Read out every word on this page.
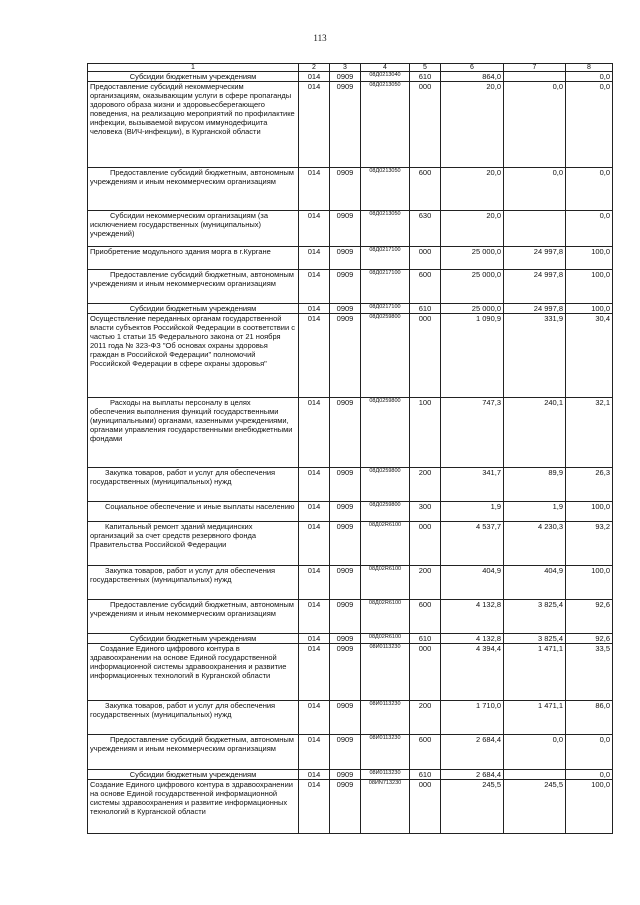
113
1	2	3	4	5	6	7	8
Субсидии бюджетным учреждениям	014	0909	08Д0213040	610	864,0		0,0
Предоставление субсидий некоммерческим организациям, оказывающим услуги в сфере пропаганды здорового образа жизни и здоровьесберегающего поведения, на реализацию мероприятий по профилактике инфекции, вызываемой вирусом иммунодефицита человека (ВИЧ-инфекции), в Курганской области	014	0909	08Д0213050	000	20,0	0,0	0,0
Предоставление субсидий бюджетным, автономным учреждениям и иным некоммерческим организациям	014	0909	08Д0213050	600	20,0	0,0	0,0
Субсидии некоммерческим организациям (за исключением государственных (муниципальных) учреждений)	014	0909	08Д0213050	630	20,0		0,0
Приобретение модульного здания морга в г.Кургане	014	0909	08Д0217100	000	25 000,0	24 997,8	100,0
Предоставление субсидий бюджетным, автономным учреждениям и иным некоммерческим организациям	014	0909	08Д0217100	600	25 000,0	24 997,8	100,0
Субсидии бюджетным учреждениям	014	0909	08Д0217100	610	25 000,0	24 997,8	100,0
Осуществление переданных органам государственной власти субъектов Российской Федерации в соответствии с частью 1 статьи 15 Федерального закона от 21 ноября 2011 года № 323-ФЗ "Об основах охраны здоровья граждан в Российской Федерации" полномочий Российской Федерации в сфере охраны здоровья"	014	0909	08Д0259800	000	1 090,9	331,9	30,4
Расходы на выплаты персоналу в целях обеспечения выполнения функций государственными (муниципальными) органами, казенными учреждениями, органами управления государственными внебюджетными фондами	014	0909	08Д0259800	100	747,3	240,1	32,1
Закупка товаров, работ и услуг для обеспечения государственных (муниципальных) нужд	014	0909	08Д0259800	200	341,7	89,9	26,3
Социальное обеспечение и иные выплаты населению	014	0909	08Д0259800	300	1,9	1,9	100,0
Капитальный ремонт зданий медицинских организаций за счет средств резервного фонда Правительства Российской Федерации	014	0909	08Д02R6100	000	4 537,7	4 230,3	93,2
Закупка товаров, работ и услуг для обеспечения государственных (муниципальных) нужд	014	0909	08Д02R6100	200	404,9	404,9	100,0
Предоставление субсидий бюджетным, автономным учреждениям и иным некоммерческим организациям	014	0909	08Д02R6100	600	4 132,8	3 825,4	92,6
Субсидии бюджетным учреждениям	014	0909	08Д02R6100	610	4 132,8	3 825,4	92,6
Создание Единого цифрового контура в здравоохранении на основе Единой государственной информационной системы здравоохранения и развитие информационных технологий в Курганской области	014	0909	08И0113230	000	4 394,4	1 471,1	33,5
Закупка товаров, работ и услуг для обеспечения государственных (муниципальных) нужд	014	0909	08И0113230	200	1 710,0	1 471,1	86,0
Предоставление субсидий бюджетным, автономным учреждениям и иным некоммерческим организациям	014	0909	08И0113230	600	2 684,4	0,0	0,0
Субсидии бюджетным учреждениям	014	0909	08И0113230	610	2 684,4		0,0
Создание Единого цифрового контура в здравоохранении на основе Единой государственной информационной системы здравоохранения и развитие информационных технологий в Курганской области	014	0909	08ИN713230	000	245,5	245,5	100,0
